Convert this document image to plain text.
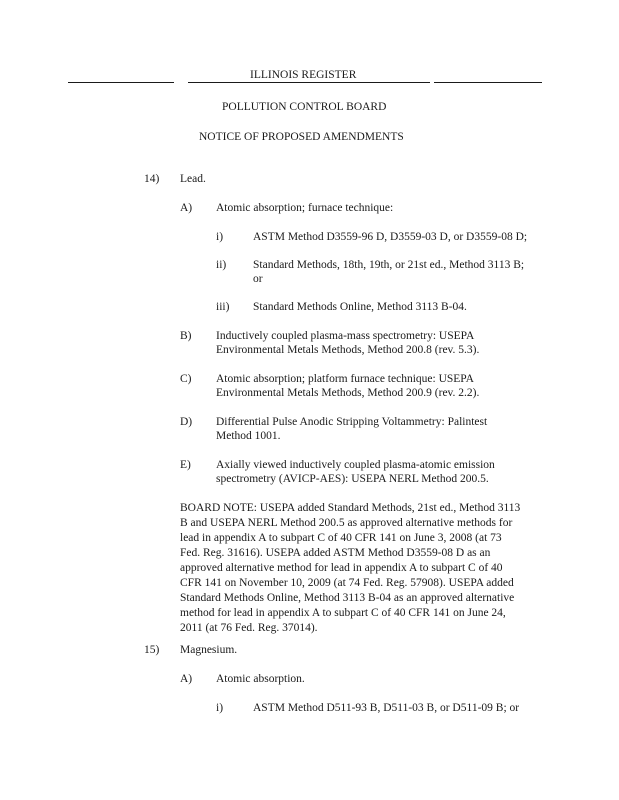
ILLINOIS REGISTER
POLLUTION CONTROL BOARD
NOTICE OF PROPOSED AMENDMENTS
14) Lead.
A) Atomic absorption; furnace technique:
i)	ASTM Method D3559-96 D, D3559-03 D, or D3559-08 D;
ii) Standard Methods, 18th, 19th, or 21st ed., Method 3113 B;
or
iii) Standard Methods Online, Method 3113 B-04.
B) Inductively coupled plasma-mass spectrometry: USEPA
Environmental Metals Methods, Method 200.8 (rev. 5.3).
C) Atomic absorption; platform furnace technique: USEPA
Environmental Metals Methods, Method 200.9 (rev. 2.2).
D) Differential Pulse Anodic Stripping Voltammetry: Palintest
Method 1001.
E) Axially viewed inductively coupled plasma-atomic emission
spectrometry (AVICP-AES): USEPA NERL Method 200.5.
BOARD NOTE: USEPA added Standard Methods, 21st ed., Method 3113
B and USEPA NERL Method 200.5 as approved alternative methods for
lead in appendix A to subpart C of 40 CFR 141 on June 3, 2008 (at 73
Fed. Reg. 31616). USEPA added ASTM Method D3559-08 D as an
approved alternative method for lead in appendix A to subpart C of 40
CFR 141 on November 10, 2009 (at 74 Fed. Reg. 57908). USEPA added
Standard Methods Online, Method 3113 B-04 as an approved alternative
method for lead in appendix A to subpart C of 40 CFR 141 on June 24,
2011 (at 76 Fed. Reg. 37014).
15) Magnesium.
A) Atomic absorption.
i)	ASTM Method D511-93 B, D511-03 B, or D511-09 B; or
